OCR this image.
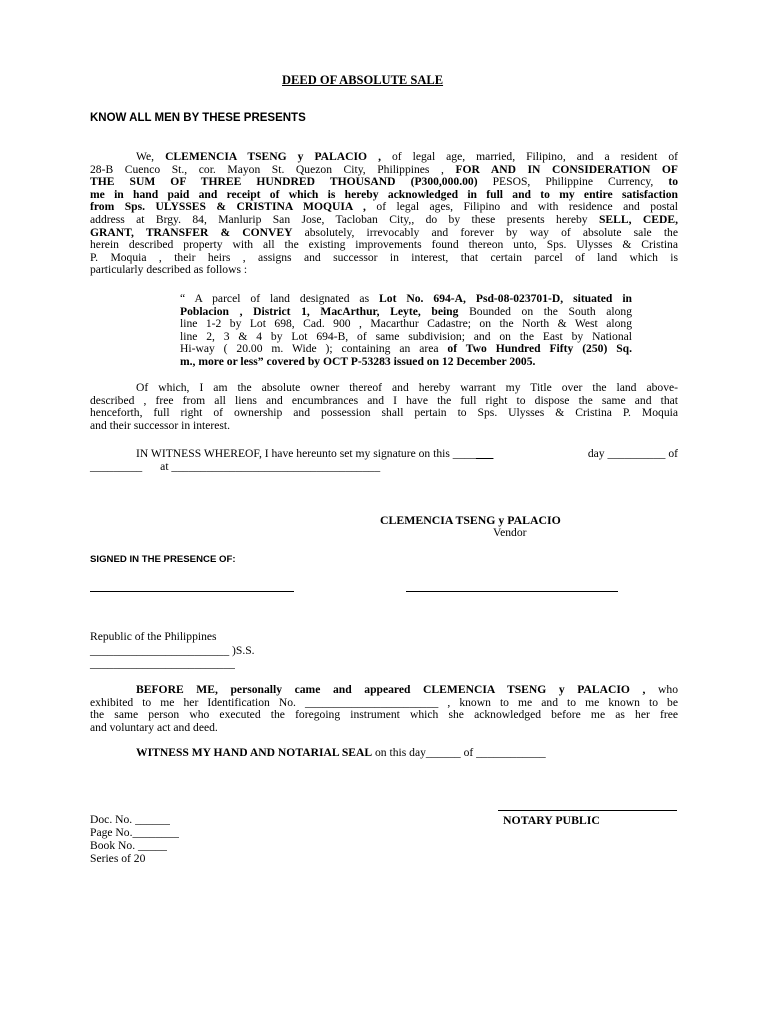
DEED OF ABSOLUTE SALE
KNOW ALL MEN BY THESE PRESENTS
We, CLEMENCIA TSENG y PALACIO , of legal age, married, Filipino, and a resident of
28-B Cuenco St., cor. Mayon St. Quezon City, Philippines , FOR AND IN CONSIDERATION OF
THE SUM OF THREE HUNDRED THOUSAND (P300,000.00) PESOS, Philippine Currency, to
me in hand paid and receipt of which is hereby acknowledged in full and to my entire satisfaction
from Sps. ULYSSES & CRISTINA MOQUIA , of legal ages, Filipino and with residence and postal
address at Brgy. 84, Manlurip San Jose, Tacloban City,, do by these presents hereby SELL, CEDE,
GRANT, TRANSFER & CONVEY absolutely, irrevocably and forever by way of absolute sale the
herein described property with all the existing improvements found thereon unto, Sps. Ulysses & Cristina
P. Moquia , their heirs , assigns and successor in interest, that certain parcel of land which is
particularly described as follows :
“ A parcel of land designated as Lot No. 694-A, Psd-08-023701-D, situated in
Poblacion , District 1, MacArthur, Leyte, being Bounded on the South along
line 1-2 by Lot 698, Cad. 900 , Macarthur Cadastre; on the North & West along
line 2, 3 & 4 by Lot 694-B, of same subdivision; and on the East by National
Hi-way ( 20.00 m. Wide ); containing an area of Two Hundred Fifty (250) Sq.
m., more or less” covered by OCT P-53283 issued on 12 December 2005.
Of which, I am the absolute owner thereof and hereby warrant my Title over the land above-
described , free from all liens and encumbrances and I have the full right to dispose the same and that
henceforth, full right of ownership and possession shall pertain to Sps. Ulysses & Cristina P. Moquia
and their successor in interest.
IN WITNESS WHEREOF, I have hereunto set my signature on this _______	day __________ of
_________ at ____________________________________
CLEMENCIA TSENG y PALACIO
Vendor
SIGNED IN THE PRESENCE OF:
Republic of the Philippines
________________________ )S.S.
_________________________
BEFORE ME, personally came and appeared CLEMENCIA TSENG y PALACIO , who
exhibited to me her Identification No. _______________________ , known to me and to me known to be
the same person who executed the foregoing instrument which she acknowledged before me as her free
and voluntary act and deed.
WITNESS MY HAND AND NOTARIAL SEAL on this day______ of ____________
NOTARY PUBLIC
Doc. No. ______
Page No.________
Book No. _____
Series of 20
